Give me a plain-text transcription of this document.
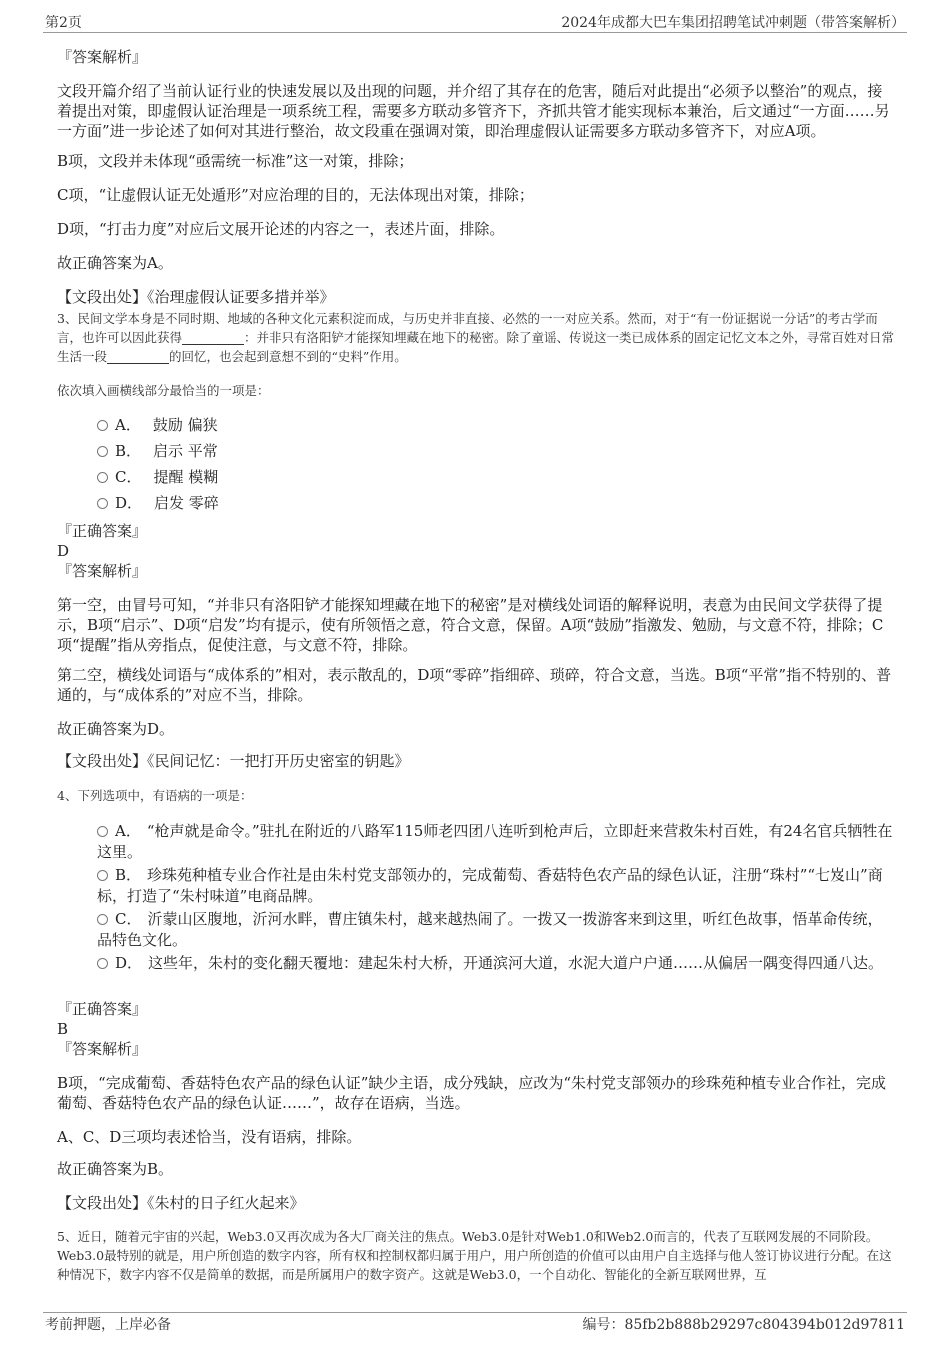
第2页	2024年成都大巴车集团招聘笔试冲刺题（带答案解析）
『答案解析』
文段开篇介绍了当前认证行业的快速发展以及出现的问题，并介绍了其存在的危害，随后对此提出“必须予以整治”的观点，接着提出对策，即虚假认证治理是一项系统工程，需要多方联动多管齐下，齐抓共管才能实现标本兼治，后文通过“一方面……另一方面”进一步论述了如何对其进行整治，故文段重在强调对策，即治理虚假认证需要多方联动多管齐下，对应A项。
B项，文段并未体现“亟需统一标准”这一对策，排除；
C项，“让虚假认证无处遁形”对应治理的目的，无法体现出对策，排除；
D项，“打击力度”对应后文展开论述的内容之一，表述片面，排除。
故正确答案为A。
【文段出处】《治理虚假认证要多措并举》
3、民间文学本身是不同时期、地域的各种文化元素积淀而成，与历史并非直接、必然的一一对应关系。然而，对于“有一份证据说一分话”的考古学而言，也许可以因此获得	：并非只有洛阳铲才能探知埋藏在地下的秘密。除了童谣、传说这一类已成体系的固定记忆文本之外，寻常百姓对日常生活一段	的回忆，也会起到意想不到的“史料”作用。
依次填入画横线部分最恰当的一项是：
A． 鼓励 偏狭
B． 启示 平常
C． 提醒 模糊
D． 启发 零碎
『正确答案』
D
『答案解析』
第一空，由冒号可知，“并非只有洛阳铲才能探知埋藏在地下的秘密”是对横线处词语的解释说明，表意为由民间文学获得了提示，B项“启示”、D项“启发”均有提示，使有所领悟之意，符合文意，保留。A项“鼓励”指激发、勉励，与文意不符，排除；C项“提醒”指从旁指点，促使注意，与文意不符，排除。
第二空，横线处词语与“成体系的”相对，表示散乱的，D项“零碎”指细碎、琐碎，符合文意，当选。B项“平常”指不特别的、普通的，与“成体系的”对应不当，排除。
故正确答案为D。
【文段出处】《民间记忆：一把打开历史密室的钥匙》
4、下列选项中，有语病的一项是：
A． “枪声就是命令。”驻扎在附近的八路军115师老四团八连听到枪声后，立即赶来营救朱村百姓，有24名官兵牺牲在这里。
B． 珍珠苑种植专业合作社是由朱村党支部领办的，完成葡萄、香菇特色农产品的绿色认证，注册“珠村”“七岌山”商标，打造了“朱村味道”电商品牌。
C． 沂蒙山区腹地，沂河水畔，曹庄镇朱村，越来越热闹了。一拨又一拨游客来到这里，听红色故事，悟革命传统，品特色文化。
D． 这些年，朱村的变化翻天覆地：建起朱村大桥，开通滨河大道，水泥大道户户通……从偏居一隅变得四通八达。
『正确答案』
B
『答案解析』
B项，“完成葡萄、香菇特色农产品的绿色认证”缺少主语，成分残缺，应改为“朱村党支部领办的珍珠苑种植专业合作社，完成葡萄、香菇特色农产品的绿色认证……”，故存在语病，当选。
A、C、D三项均表述恰当，没有语病，排除。
故正确答案为B。
【文段出处】《朱村的日子红火起来》
5、近日，随着元宇宙的兴起，Web3.0又再次成为各大厂商关注的焦点。Web3.0是针对Web1.0和Web2.0而言的，代表了互联网发展的不同阶段。Web3.0最特别的就是，用户所创造的数字内容，所有权和控制权都归属于用户，用户所创造的价值可以由用户自主选择与他人签订协议进行分配。在这种情况下，数字内容不仅是简单的数据，而是所属用户的数字资产。这就是Web3.0，一个自动化、智能化的全新互联网世界，互
考前押题，上岸必备	编号：85fb2b888b29297c804394b012d97811
